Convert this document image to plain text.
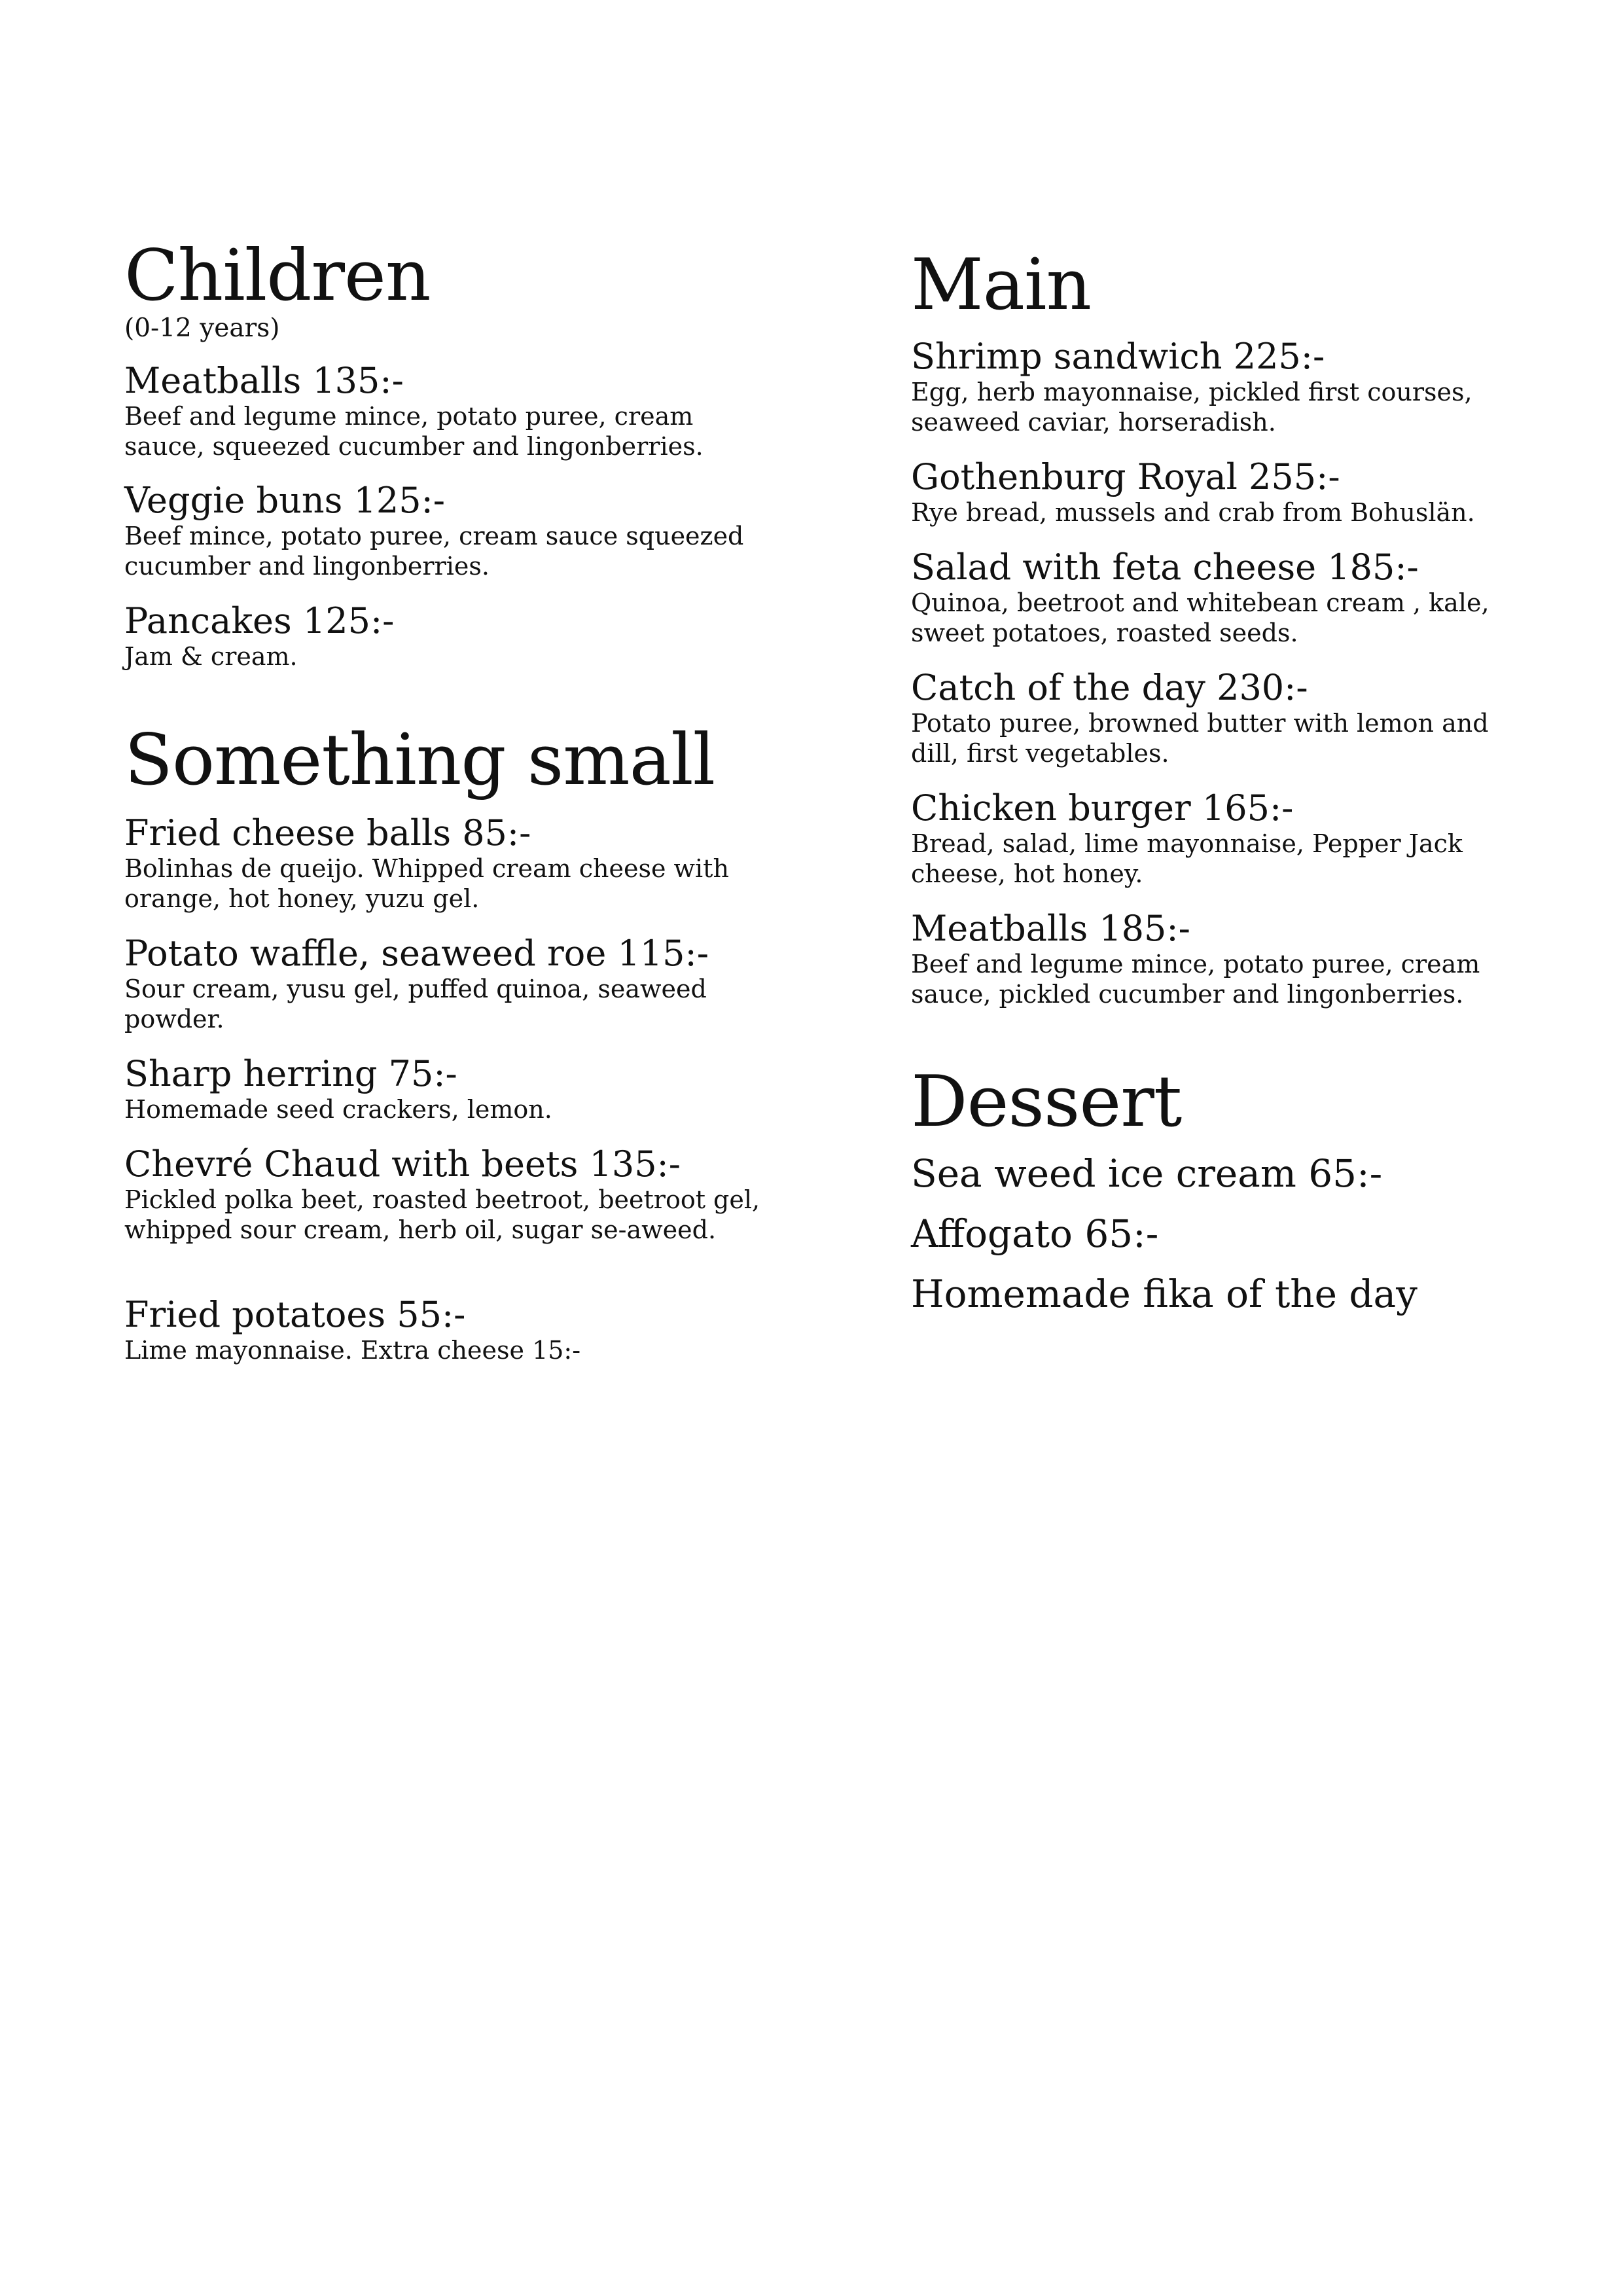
Children
(0-12 years)
Meatballs 135:-
Beef and legume mince, potato puree, cream sauce, squeezed cucumber and lingonberries.
Veggie buns 125:-
Beef mince, potato puree, cream sauce squeezed cucumber and lingonberries.
Pancakes 125:-
Jam & cream.
Something small
Fried cheese balls 85:-
Bolinhas de queijo. Whipped cream cheese with orange, hot honey, yuzu gel.
Potato waffle, seaweed roe 115:-
Sour cream, yusu gel, puffed quinoa, seaweed powder.
Sharp herring 75:-
Homemade seed crackers, lemon.
Chevré Chaud with beets 135:-
Pickled polka beet, roasted beetroot, beetroot gel, whipped sour cream, herb oil, sugar se-aweed.
Fried potatoes 55:-
Lime mayonnaise. Extra cheese 15:-
Main
Shrimp sandwich 225:-
Egg, herb mayonnaise, pickled first courses, seaweed caviar, horseradish.
Gothenburg Royal 255:-
Rye bread, mussels and crab from Bohuslän.
Salad with feta cheese 185:-
Quinoa, beetroot and whitebean cream , kale, sweet potatoes, roasted seeds.
Catch of the day 230:-
Potato puree, browned butter with lemon and dill, first vegetables.
Chicken burger 165:-
Bread, salad, lime mayonnaise, Pepper Jack cheese, hot honey.
Meatballs 185:-
Beef and legume mince, potato puree, cream sauce, pickled cucumber and lingonberries.
Dessert
Sea weed ice cream 65:-
Affogato 65:-
Homemade fika of the day
